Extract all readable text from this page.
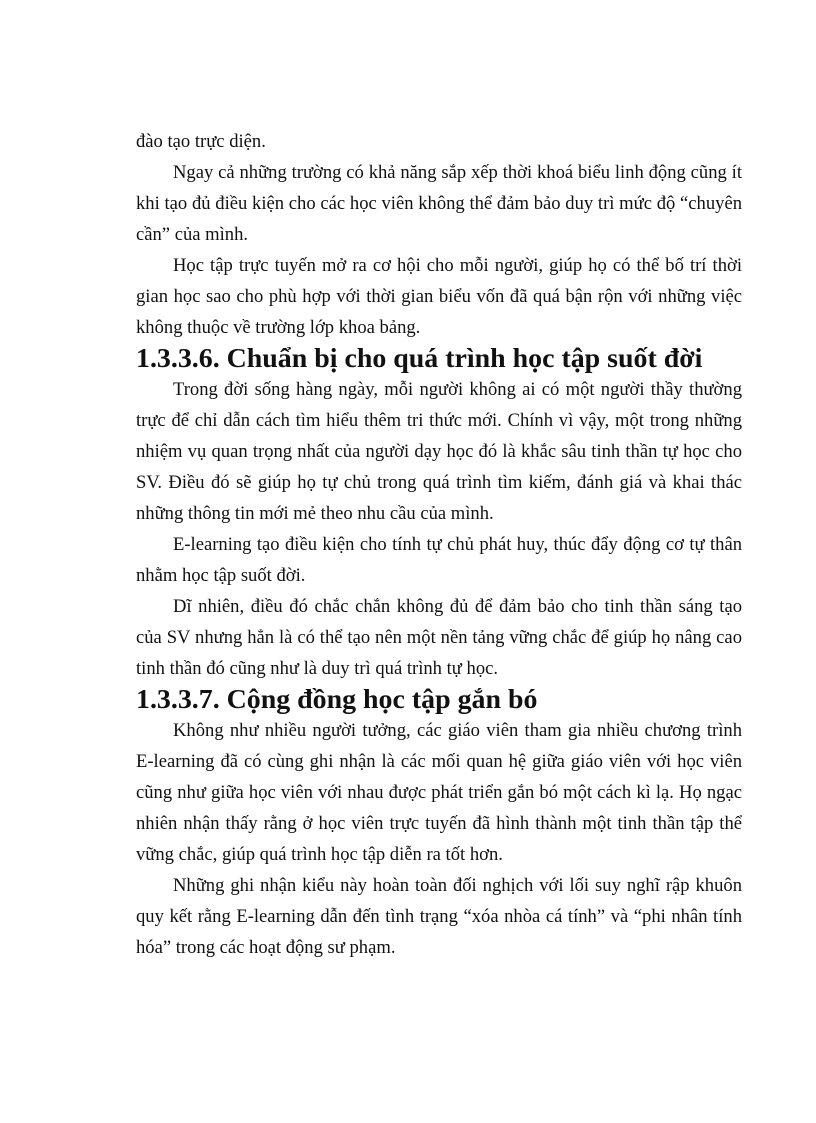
đào tạo trực diện.

Ngay cả những trường có khả năng sắp xếp thời khoá biểu linh động cũng ít khi tạo đủ điều kiện cho các học viên không thể đảm bảo duy trì mức độ “chuyên cần” của mình.

Học tập trực tuyến mở ra cơ hội cho mỗi người, giúp họ có thể bố trí thời gian học sao cho phù hợp với thời gian biểu vốn đã quá bận rộn với những việc không thuộc về trường lớp khoa bảng.

1.3.3.6. Chuẩn bị cho quá trình học tập suốt đời

Trong đời sống hàng ngày, mỗi người không ai có một người thầy thường trực để chỉ dẫn cách tìm hiểu thêm tri thức mới. Chính vì vậy, một trong những nhiệm vụ quan trọng nhất của người dạy học đó là khắc sâu tinh thần tự học cho SV. Điều đó sẽ giúp họ tự chủ trong quá trình tìm kiếm, đánh giá và khai thác những thông tin mới mẻ theo nhu cầu của mình.

E-learning tạo điều kiện cho tính tự chủ phát huy, thúc đẩy động cơ tự thân nhằm học tập suốt đời.

Dĩ nhiên, điều đó chắc chắn không đủ để đảm bảo cho tinh thần sáng tạo của SV nhưng hẳn là có thể tạo nên một nền tảng vững chắc để giúp họ nâng cao tinh thần đó cũng như là duy trì quá trình tự học.

1.3.3.7. Cộng đồng học tập gắn bó

Không như nhiều người tưởng, các giáo viên tham gia nhiều chương trình E-learning đã có cùng ghi nhận là các mối quan hệ giữa giáo viên với học viên cũng như giữa học viên với nhau được phát triển gắn bó một cách kì lạ. Họ ngạc nhiên nhận thấy rằng ở học viên trực tuyến đã hình thành một tinh thần tập thể vững chắc, giúp quá trình học tập diễn ra tốt hơn.

Những ghi nhận kiểu này hoàn toàn đối nghịch với lối suy nghĩ rập khuôn quy kết rằng E-learning dẫn đến tình trạng “xóa nhòa cá tính” và “phi nhân tính hóa” trong các hoạt động sư phạm.
